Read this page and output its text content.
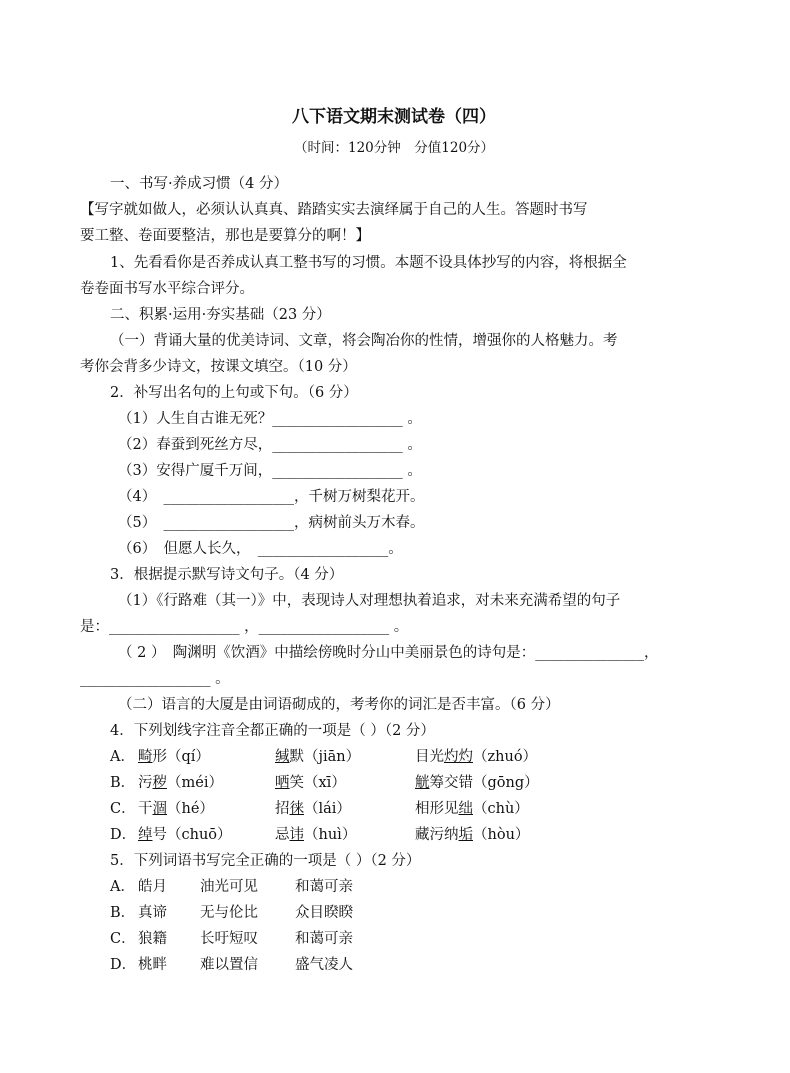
八下语文期末测试卷（四）
（时间：120分钟　分值120分）
一、书写·养成习惯（4 分）
【写字就如做人，必须认认真真、踏踏实实去演绎属于自己的人生。答题时书写
要工整、卷面要整洁，那也是要算分的啊！】
1、先看看你是否养成认真工整书写的习惯。本题不设具体抄写的内容，将根据全
卷卷面书写水平综合评分。
二、积累·运用·夯实基础（23 分）
（一）背诵大量的优美诗词、文章，将会陶冶你的性情，增强你的人格魅力。考
考你会背多少诗文，按课文填空。（10 分）
2．补写出名句的上句或下句。（6 分）
（1）人生自古谁无死？__________________ 。
（2）春蚕到死丝方尽，__________________ 。
（3）安得广厦千万间，__________________ 。
（4）　__________________，千树万树梨花开。
（5）　__________________，病树前头万木春。
（6）　但愿人长久，　__________________。
3．根据提示默写诗文句子。（4 分）
（1）《行路难（其一）》中，表现诗人对理想执着追求，对未来充满希望的句子
是：__________________ ，__________________ 。
（ 2 ）　陶渊明《饮酒》中描绘傍晚时分山中美丽景色的诗句是：_______________，
__________________ 。
（二）语言的大厦是由词语砌成的，考考你的词汇是否丰富。（6 分）
4．下列划线字注音全都正确的一项是（ ）（2 分）
A． 畸形（qí）	缄默（jiān）	目光灼灼（zhuó）
B． 污秽（méi）	哂笑（xī）	觥筹交错（gōng）
C． 干涸（hé）	招徕（lái）	相形见绌（chù）
D． 绰号（chuō）	忌讳（huì）	藏污纳垢（hòu）
5．下列词语书写完全正确的一项是（ ）（2 分）
A． 皓月 油光可见	和蔼可亲
B． 真谛 无与伦比	众目睽睽
C． 狼籍 长吁短叹	和蔼可亲
D． 桃畔 难以置信	盛气凌人
